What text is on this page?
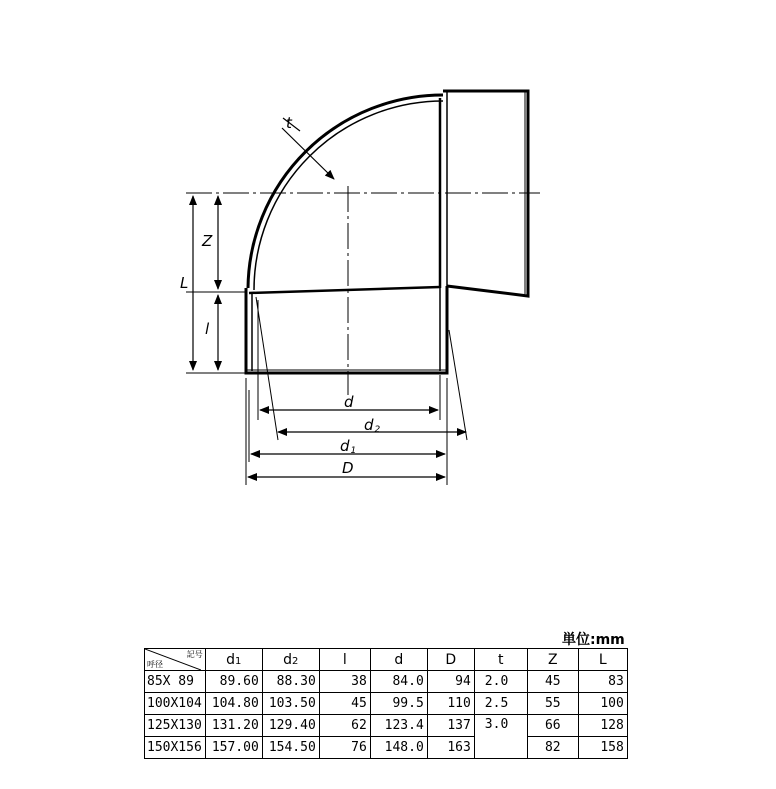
t
Z
L
l
d
d2
d1
D
単位:mm
記号
呼径	d1	d2	l	d	D	t	Z	L
85X 89	89.60	88.30	38	84.0	94	2.0	45	83
100X104	104.80	103.50	45	99.5	110	2.5	55	100
125X130	131.20	129.40	62	123.4	137	3.0	66	128
150X156	157.00	154.50	76	148.0	163		82	158
